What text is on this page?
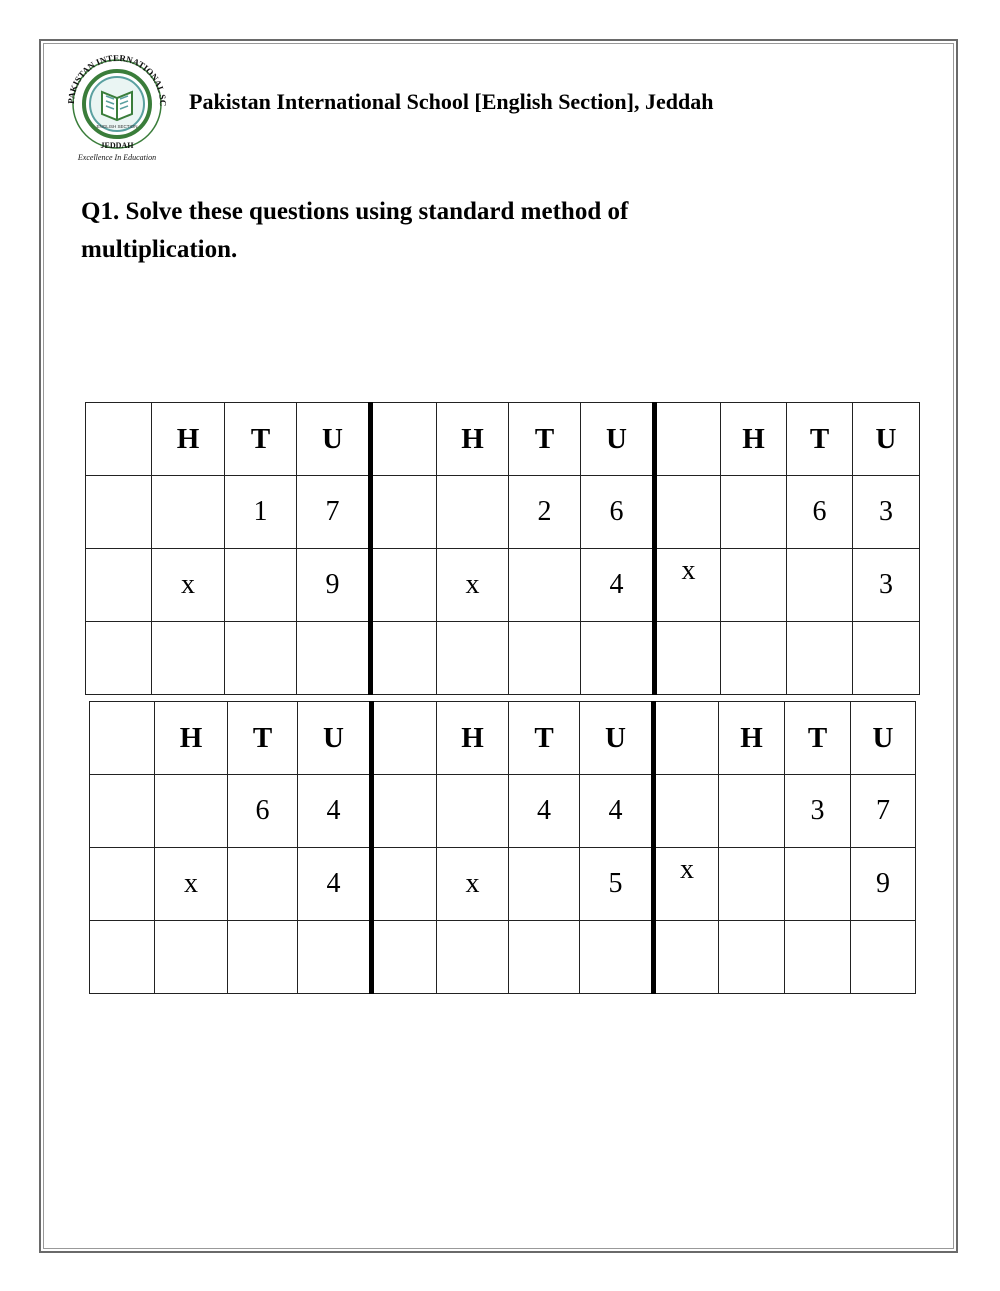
PAKISTAN INTERNATIONAL SC
JEDDAH
ENGLISH SECTION
Excellence In Education
Pakistan International School [English Section], Jeddah
Q1. Solve these questions using standard method of multiplication.
	H	T	U		H	T	U		H	T	U
		1	7			2	6			6	3
	x		9		x		4	x			3

	H	T	U		H	T	U		H	T	U
		6	4			4	4			3	7
	x		4		x		5	x			9
